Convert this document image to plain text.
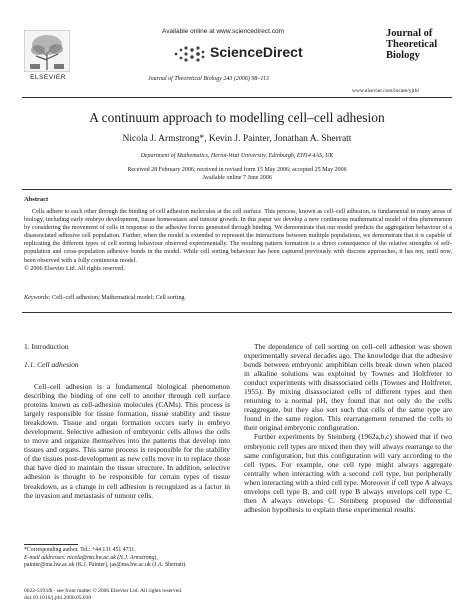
ELSEVIER
Available online at www.sciencedirect.com
ScienceDirect
Journal of Theoretical Biology 243 (2006) 98–113
Journal of
Theoretical
Biology
www.elsevier.com/locate/yjtbi
A continuum approach to modelling cell–cell adhesion
Nicola J. Armstrong*, Kevin J. Painter, Jonathan A. Sherratt
Department of Mathematics, Heriot-Watt University, Edinburgh, EH14 4AS, UK
Received 28 February 2006; received in revised form 15 May 2006; accepted 25 May 2006
Available online 7 June 2006
Abstract
Cells adhere to each other through the binding of cell adhesion molecules at the cell surface. This process, known as cell–cell adhesion, is fundamental in many areas of biology, including early embryo development, tissue homeostasis and tumour growth. In this paper we develop a new continuous mathematical model of this phenomenon by considering the movement of cells in response to the adhesive forces generated through binding. We demonstrate that our model predicts the aggregation behaviour of a disassociated adhesive cell population. Further, when the model is extended to represent the interactions between multiple populations, we demonstrate that it is capable of replicating the different types of cell sorting behaviour observed experimentally. The resulting pattern formation is a direct consequence of the relative strengths of self-population and cross-population adhesive bonds in the model. While cell sorting behaviour has been captured previously with discrete approaches, it has not, until now, been observed with a fully continuous model.
© 2006 Elsevier Ltd. All rights reserved.
Keywords: Cell–cell adhesion; Mathematical model; Cell sorting
1. Introduction
1.1. Cell adhesion

Cell–cell adhesion is a fundamental biological phenomenon describing the binding of one cell to another through cell surface proteins known as cell-adhesion molecules (CAMs). This process is largely responsible for tissue formation, tissue stability and tissue breakdown. Tissue and organ formation occurs early in embryo development. Selective adhesion of embryonic cells allows the cells to move and organize themselves into the patterns that develop into tissues and organs. This same process is responsible for the stability of the tissues post-development as new cells move in to replace those that have died to maintain the tissue structure. In addition, selective adhesion is thought to be responsible for certain types of tissue breakdown, as a change in cell adhesion is recognized as a factor in the invasion and metastasis of tumour cells.

The dependence of cell sorting on cell–cell adhesion was shown experimentally several decades ago. The knowledge that the adhesive bonds between embryonic amphibian cells break down when placed in alkaline solutions was exploited by Townes and Holtfreter to conduct experiments with disassociated cells (Townes and Holtfreter, 1955). By mixing disassociated cells of different types and then returning to a normal pH, they found that not only do the cells reaggregate, but they also sort such that cells of the same type are found in the same region. This rearrangement returned the cells to their original embryonic configuration.

Further experiments by Steinberg (1962a,b,c) showed that if two embryonic cell types are mixed then they will always rearrange to the same configuration, but this configuration will vary according to the cell types. For example, one cell type might always aggregate centrally when interacting with a second cell type, but peripherally when interacting with a third cell type. Moreover if cell type A always envelops cell type B, and cell type B always envelops cell type C, then A always envelops C. Steinberg proposed the differential adhesion hypothesis to explain these experimental results.

*Corresponding author. Tel.: +44 131 451 4731.
E-mail addresses: nicola@ma.hw.ac.uk (N.J. Armstrong),
painter@ma.hw.ac.uk (K.J. Painter), jas@ma.hw.ac.uk (J.A. Sherratt).
0022-5193/$ - see front matter © 2006 Elsevier Ltd. All rights reserved.
doi:10.1016/j.jtbi.2006.05.030
